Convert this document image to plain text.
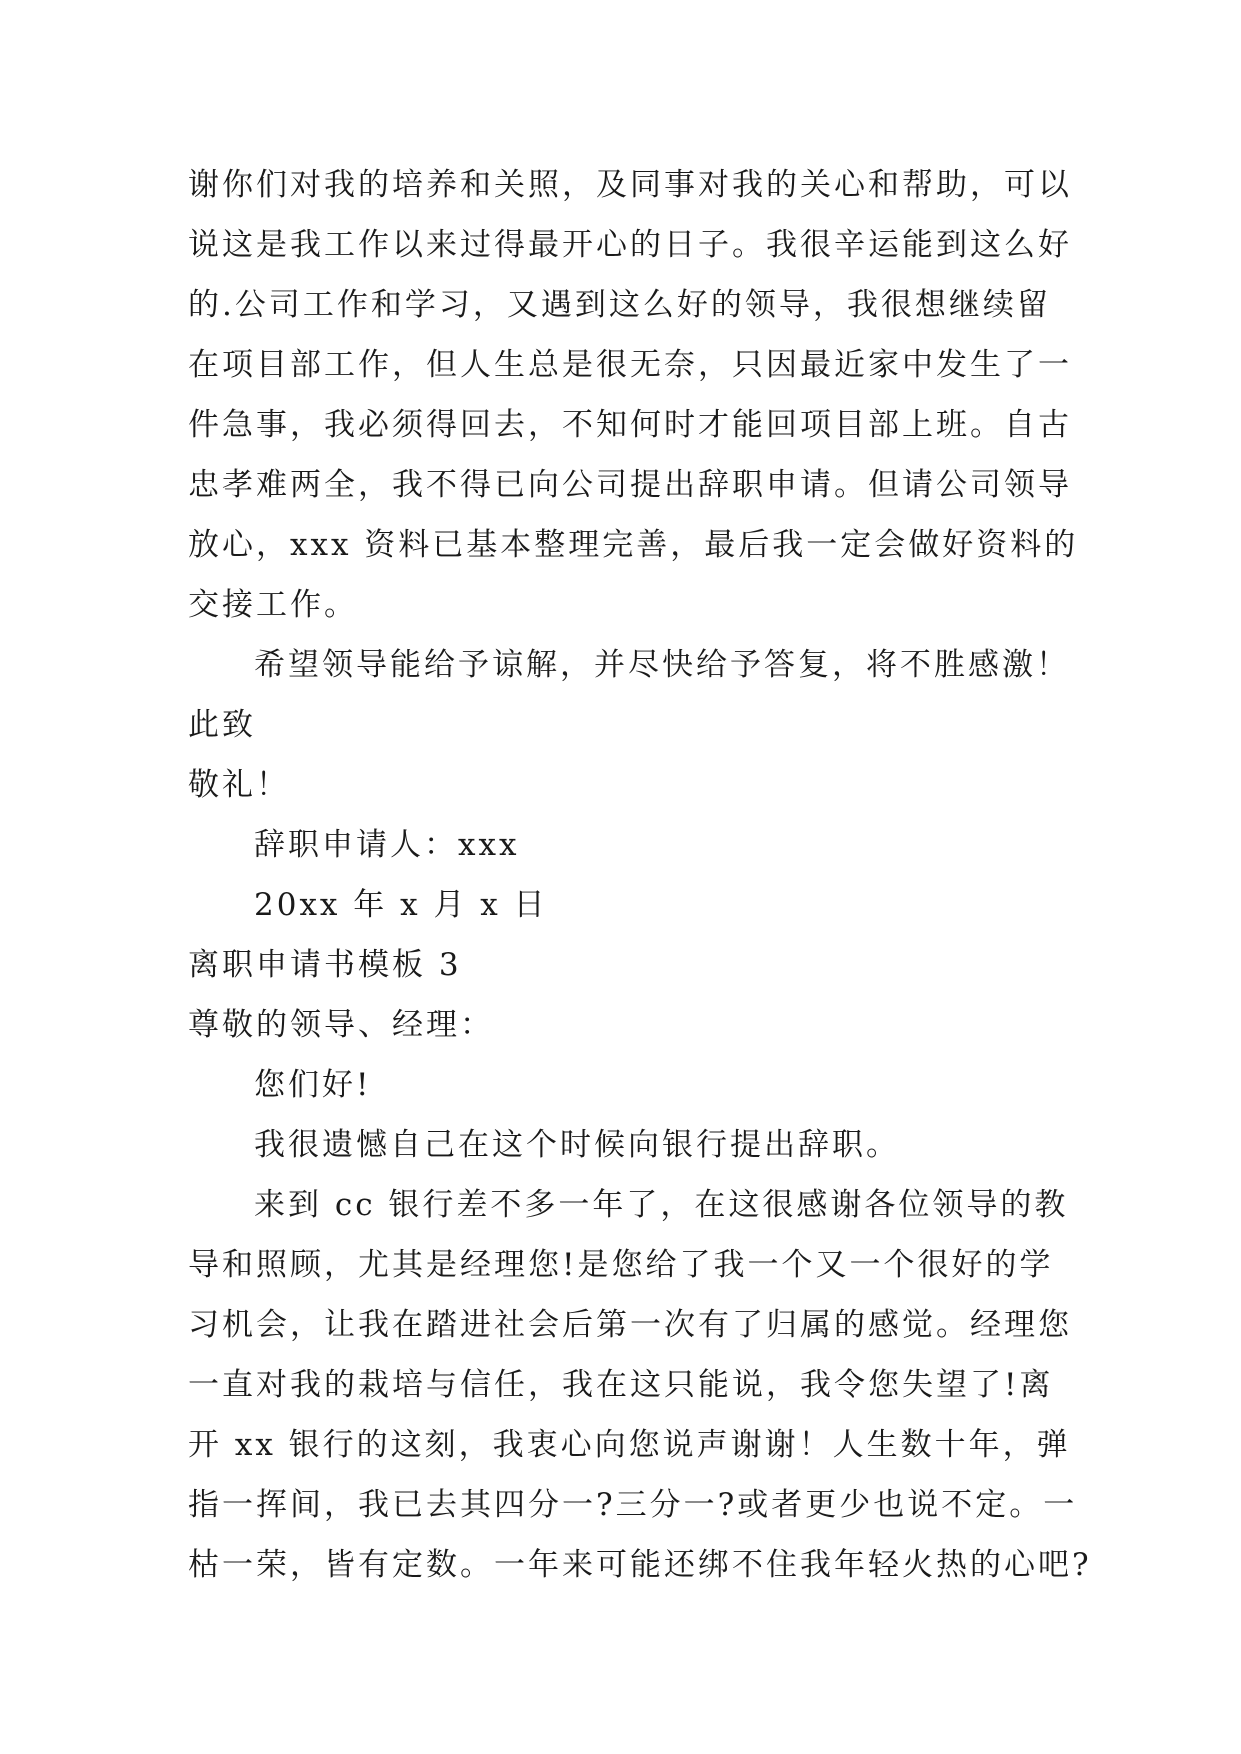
谢你们对我的培养和关照，及同事对我的关心和帮助，可以
说这是我工作以来过得最开心的日子。我很辛运能到这么好
的.公司工作和学习，又遇到这么好的领导，我很想继续留
在项目部工作，但人生总是很无奈，只因最近家中发生了一
件急事，我必须得回去，不知何时才能回项目部上班。自古
忠孝难两全，我不得已向公司提出辞职申请。但请公司领导
放心，xxx 资料已基本整理完善，最后我一定会做好资料的
交接工作。
希望领导能给予谅解，并尽快给予答复，将不胜感激！
此致
敬礼！
辞职申请人：xxx
20xx 年 x 月 x 日
离职申请书模板 3
尊敬的领导、经理：
您们好!
我很遗憾自己在这个时候向银行提出辞职。
来到 cc 银行差不多一年了，在这很感谢各位领导的教
导和照顾，尤其是经理您!是您给了我一个又一个很好的学
习机会，让我在踏进社会后第一次有了归属的感觉。经理您
一直对我的栽培与信任，我在这只能说，我令您失望了!离
开 xx 银行的这刻，我衷心向您说声谢谢！人生数十年，弹
指一挥间，我已去其四分一?三分一?或者更少也说不定。一
枯一荣，皆有定数。一年来可能还绑不住我年轻火热的心吧?
